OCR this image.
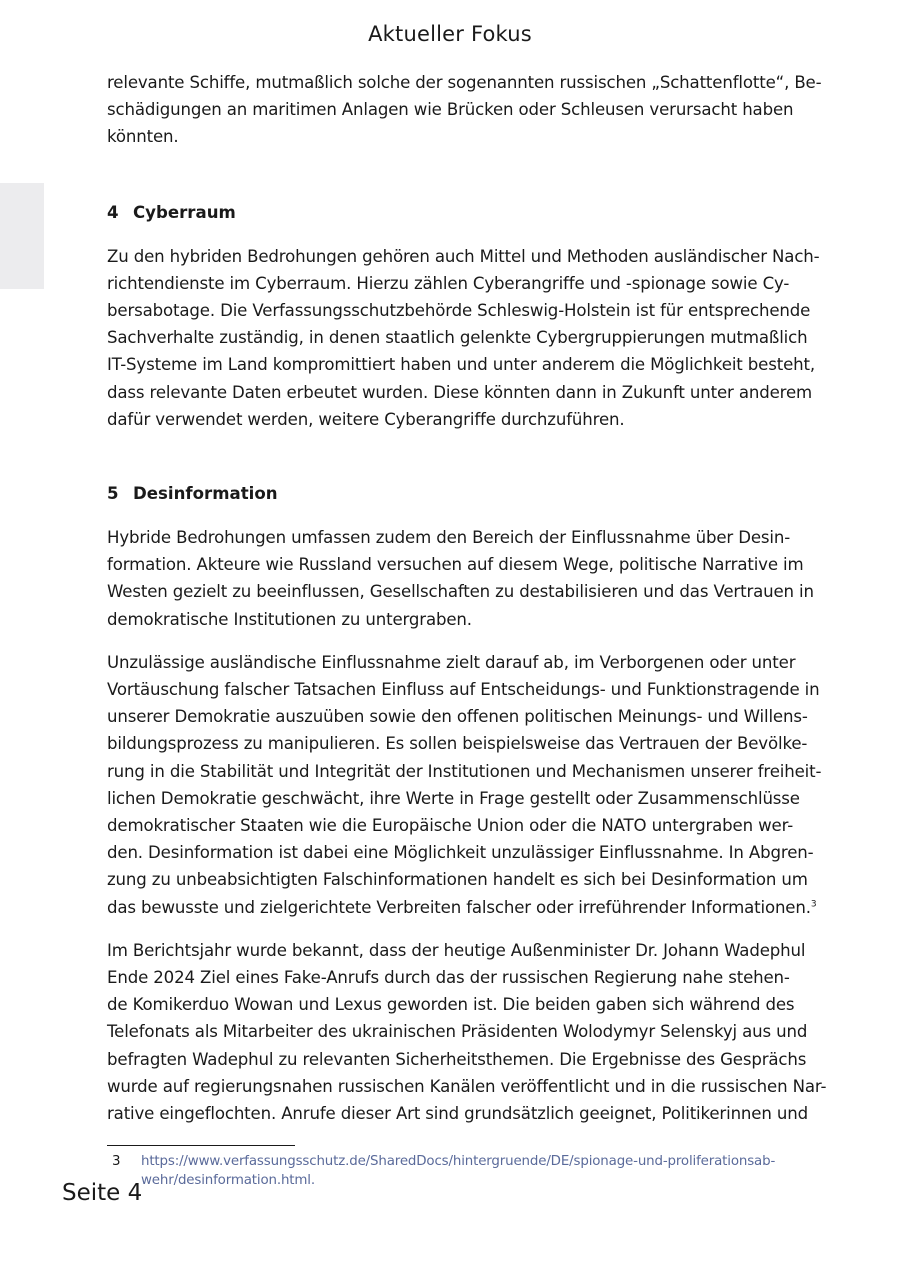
Aktueller Fokus

relevante Schiffe, mutmaßlich solche der sogenannten russischen „Schattenflotte“, Be-
schädigungen an maritimen Anlagen wie Brücken oder Schleusen verursacht haben
könnten.

4 Cyberraum

Zu den hybriden Bedrohungen gehören auch Mittel und Methoden ausländischer Nach-
richtendienste im Cyberraum. Hierzu zählen Cyberangriffe und -spionage sowie Cy-
bersabotage. Die Verfassungsschutzbehörde Schleswig-Holstein ist für entsprechende
Sachverhalte zuständig, in denen staatlich gelenkte Cybergruppierungen mutmaßlich
IT-Systeme im Land kompromittiert haben und unter anderem die Möglichkeit besteht,
dass relevante Daten erbeutet wurden. Diese könnten dann in Zukunft unter anderem
dafür verwendet werden, weitere Cyberangriffe durchzuführen.

5 Desinformation

Hybride Bedrohungen umfassen zudem den Bereich der Einflussnahme über Desin-
formation. Akteure wie Russland versuchen auf diesem Wege, politische Narrative im
Westen gezielt zu beeinflussen, Gesellschaften zu destabilisieren und das Vertrauen in
demokratische Institutionen zu untergraben.

Unzulässige ausländische Einflussnahme zielt darauf ab, im Verborgenen oder unter
Vortäuschung falscher Tatsachen Einfluss auf Entscheidungs- und Funktionstragende in
unserer Demokratie auszuüben sowie den offenen politischen Meinungs- und Willens-
bildungsprozess zu manipulieren. Es sollen beispielsweise das Vertrauen der Bevölke-
rung in die Stabilität und Integrität der Institutionen und Mechanismen unserer freiheit-
lichen Demokratie geschwächt, ihre Werte in Frage gestellt oder Zusammenschlüsse
demokratischer Staaten wie die Europäische Union oder die NATO untergraben wer-
den. Desinformation ist dabei eine Möglichkeit unzulässiger Einflussnahme. In Abgren-
zung zu unbeabsichtigten Falschinformationen handelt es sich bei Desinformation um
das bewusste und zielgerichtete Verbreiten falscher oder irreführender Informationen.$^3$

Im Berichtsjahr wurde bekannt, dass der heutige Außenminister Dr. Johann Wadephul
Ende 2024 Ziel eines Fake-Anrufs durch das der russischen Regierung nahe stehen-
de Komikerduo Wowan und Lexus geworden ist. Die beiden gaben sich während des
Telefonats als Mitarbeiter des ukrainischen Präsidenten Wolodymyr Selenskyj aus und
befragten Wadephul zu relevanten Sicherheitsthemen. Die Ergebnisse des Gesprächs
wurde auf regierungsnahen russischen Kanälen veröffentlicht und in die russischen Nar-
rative eingeflochten. Anrufe dieser Art sind grundsätzlich geeignet, Politikerinnen und

3 https://www.verfassungsschutz.de/SharedDocs/hintergruende/DE/spionage-und-proliferationsab-
wehr/desinformation.html.
Seite 4
